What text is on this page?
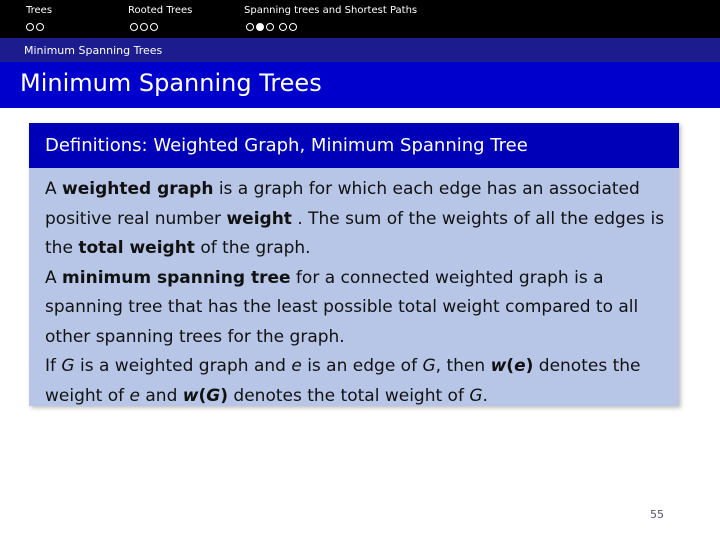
Trees	Rooted Trees	Spanning trees and Shortest Paths
Minimum Spanning Trees
Minimum Spanning Trees
Definitions: Weighted Graph, Minimum Spanning Tree

A weighted graph is a graph for which each edge has an associated positive real number weight . The sum of the weights of all the edges is the total weight of the graph.

A minimum spanning tree for a connected weighted graph is a spanning tree that has the least possible total weight compared to all other spanning trees for the graph.

If G is a weighted graph and e is an edge of G, then w(e) denotes the weight of e and w(G) denotes the total weight of G.

55
